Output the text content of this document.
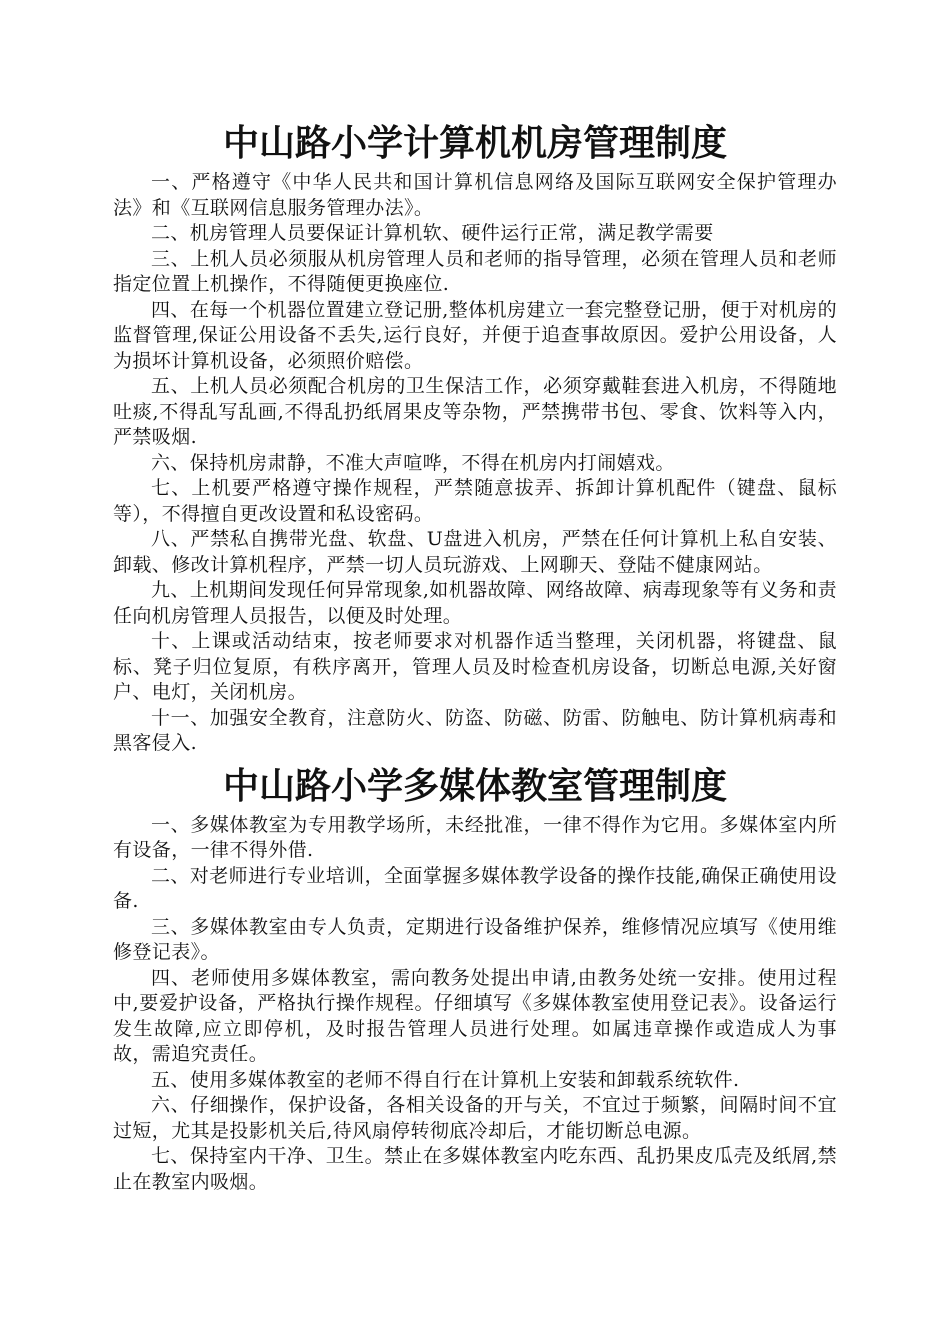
中山路小学计算机机房管理制度

一、严格遵守《中华人民共和国计算机信息网络及国际互联网安全保护管理办法》和《互联网信息服务管理办法》。

二、机房管理人员要保证计算机软、硬件运行正常，满足教学需要

三、上机人员必须服从机房管理人员和老师的指导管理，必须在管理人员和老师指定位置上机操作，不得随便更换座位.

四、在每一个机器位置建立登记册,整体机房建立一套完整登记册，便于对机房的监督管理,保证公用设备不丢失,运行良好，并便于追查事故原因。爱护公用设备，人为损坏计算机设备，必须照价赔偿。

五、上机人员必须配合机房的卫生保洁工作，必须穿戴鞋套进入机房，不得随地吐痰,不得乱写乱画,不得乱扔纸屑果皮等杂物，严禁携带书包、零食、饮料等入内，严禁吸烟.

六、保持机房肃静，不准大声喧哗，不得在机房内打闹嬉戏。

七、上机要严格遵守操作规程，严禁随意拔弄、拆卸计算机配件（键盘、鼠标等），不得擅自更改设置和私设密码。

八、严禁私自携带光盘、软盘、U盘进入机房，严禁在任何计算机上私自安装、卸载、修改计算机程序，严禁一切人员玩游戏、上网聊天、登陆不健康网站。

九、上机期间发现任何异常现象,如机器故障、网络故障、病毒现象等有义务和责任向机房管理人员报告，以便及时处理。

十、上课或活动结束，按老师要求对机器作适当整理，关闭机器，将键盘、鼠标、凳子归位复原，有秩序离开，管理人员及时检查机房设备，切断总电源,关好窗户、电灯，关闭机房。

十一、加强安全教育，注意防火、防盗、防磁、防雷、防触电、防计算机病毒和黑客侵入.

中山路小学多媒体教室管理制度

一、多媒体教室为专用教学场所，未经批准，一律不得作为它用。多媒体室内所有设备，一律不得外借.

二、对老师进行专业培训，全面掌握多媒体教学设备的操作技能,确保正确使用设备.

三、多媒体教室由专人负责，定期进行设备维护保养，维修情况应填写《使用维修登记表》。

四、老师使用多媒体教室，需向教务处提出申请,由教务处统一安排。使用过程中,要爱护设备，严格执行操作规程。仔细填写《多媒体教室使用登记表》。设备运行发生故障,应立即停机，及时报告管理人员进行处理。如属违章操作或造成人为事故，需追究责任。

五、使用多媒体教室的老师不得自行在计算机上安装和卸载系统软件.

六、仔细操作，保护设备，各相关设备的开与关，不宜过于频繁，间隔时间不宜过短，尤其是投影机关后,待风扇停转彻底冷却后，才能切断总电源。

七、保持室内干净、卫生。禁止在多媒体教室内吃东西、乱扔果皮瓜壳及纸屑,禁止在教室内吸烟。
